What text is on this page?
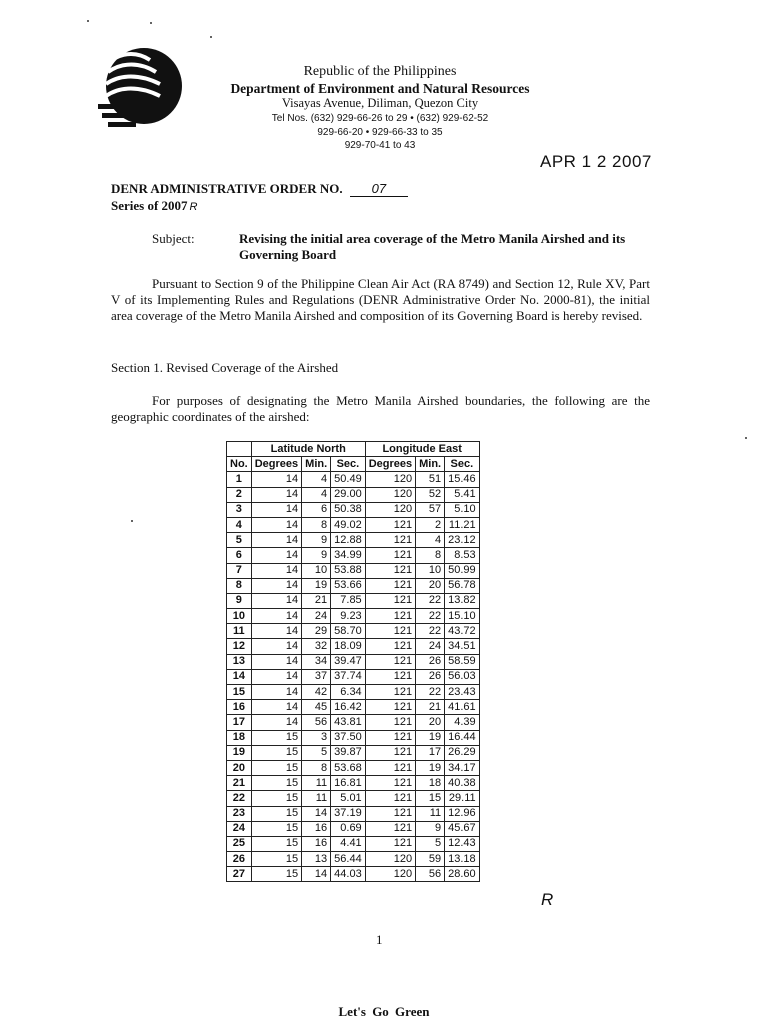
Republic of the Philippines
Department of Environment and Natural Resources
Visayas Avenue, Diliman, Quezon City
Tel Nos. (632) 929-66-26 to 29 • (632) 929-62-52
929-66-20 • 929-66-33 to 35
929-70-41 to 43
APR 1 2 2007
DENR ADMINISTRATIVE ORDER NO. 07
Series of 2007 R
Subject:	Revising the initial area coverage of the Metro Manila Airshed and its Governing Board
Pursuant to Section 9 of the Philippine Clean Air Act (RA 8749) and Section 12, Rule XV, Part V of its Implementing Rules and Regulations (DENR Administrative Order No. 2000-81), the initial area coverage of the Metro Manila Airshed and composition of its Governing Board is hereby revised.
Section 1. Revised Coverage of the Airshed
For purposes of designating the Metro Manila Airshed boundaries, the following are the geographic coordinates of the airshed:
	Latitude North			Longitude East		
No.	Degrees	Min.	Sec.	Degrees	Min.	Sec.
1	14	4	50.49	120	51	15.46
2	14	4	29.00	120	52	5.41
3	14	6	50.38	120	57	5.10
4	14	8	49.02	121	2	11.21
5	14	9	12.88	121	4	23.12
6	14	9	34.99	121	8	8.53
7	14	10	53.88	121	10	50.99
8	14	19	53.66	121	20	56.78
9	14	21	7.85	121	22	13.82
10	14	24	9.23	121	22	15.10
11	14	29	58.70	121	22	43.72
12	14	32	18.09	121	24	34.51
13	14	34	39.47	121	26	58.59
14	14	37	37.74	121	26	56.03
15	14	42	6.34	121	22	23.43
16	14	45	16.42	121	21	41.61
17	14	56	43.81	121	20	4.39
18	15	3	37.50	121	19	16.44
19	15	5	39.87	121	17	26.29
20	15	8	53.68	121	19	34.17
21	15	11	16.81	121	18	40.38
22	15	11	5.01	121	15	29.11
23	15	14	37.19	121	11	12.96
24	15	16	0.69	121	9	45.67
25	15	16	4.41	121	5	12.43
26	15	13	56.44	120	59	13.18
27	15	14	44.03	120	56	28.60
R
1
Let's Go Green
